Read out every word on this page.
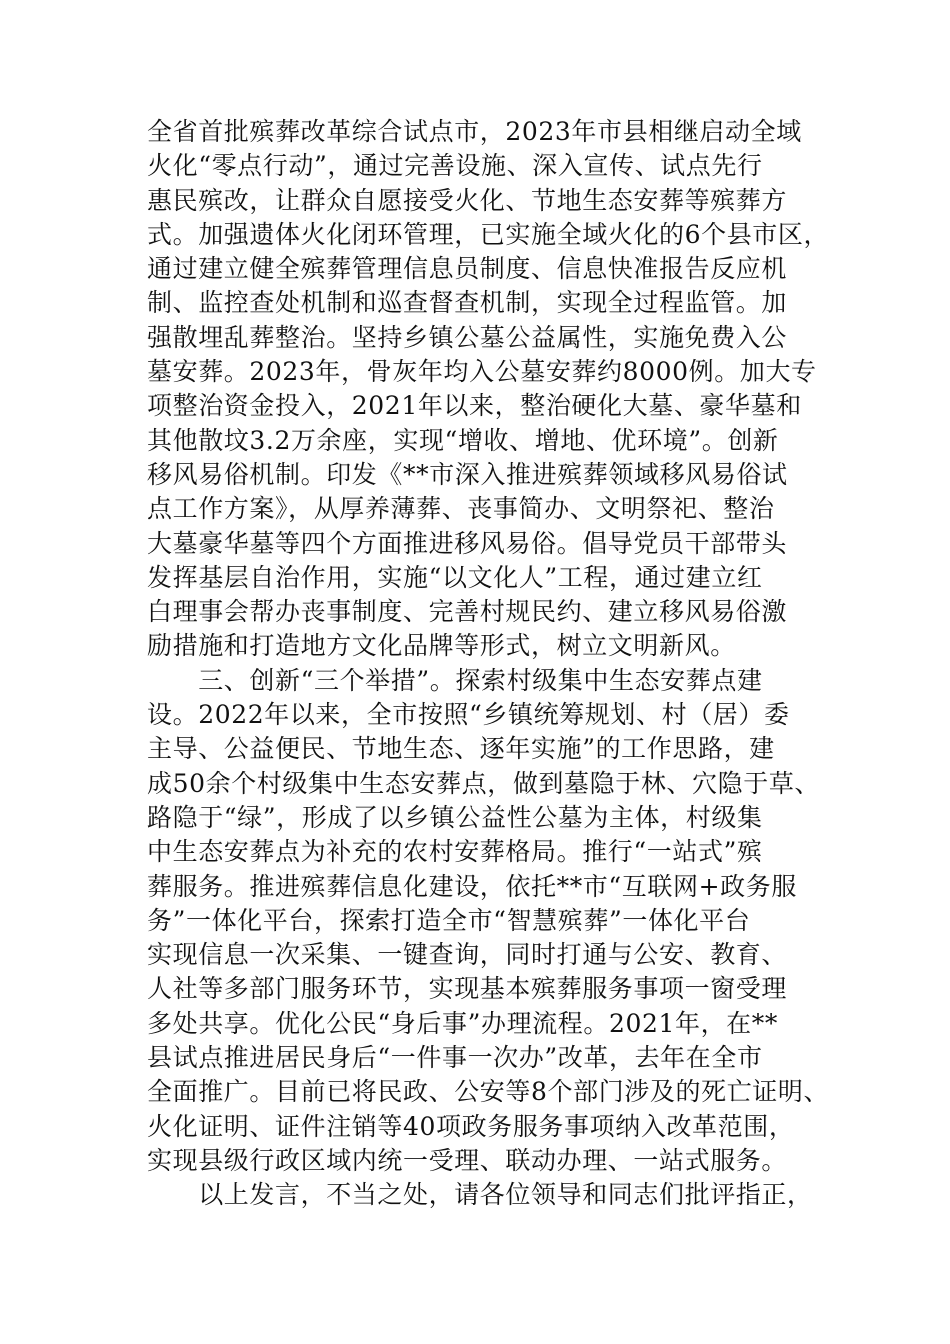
全省首批殡葬改革综合试点市，2023年市县相继启动全域
火化“零点行动”，通过完善设施、深入宣传、试点先行
惠民殡改，让群众自愿接受火化、节地生态安葬等殡葬方
式。加强遗体火化闭环管理，已实施全域火化的6个县市区，
通过建立健全殡葬管理信息员制度、信息快准报告反应机
制、监控查处机制和巡查督查机制，实现全过程监管。加
强散埋乱葬整治。坚持乡镇公墓公益属性，实施免费入公
墓安葬。2023年，骨灰年均入公墓安葬约8000例。加大专
项整治资金投入，2021年以来，整治硬化大墓、豪华墓和
其他散坟3.2万余座，实现“增收、增地、优环境”。创新
移风易俗机制。印发《**市深入推进殡葬领域移风易俗试
点工作方案》，从厚养薄葬、丧事简办、文明祭祀、整治
大墓豪华墓等四个方面推进移风易俗。倡导党员干部带头
发挥基层自治作用，实施“以文化人”工程，通过建立红
白理事会帮办丧事制度、完善村规民约、建立移风易俗激
励措施和打造地方文化品牌等形式，树立文明新风。
　　三、创新“三个举措”。探索村级集中生态安葬点建
设。2022年以来，全市按照“乡镇统筹规划、村（居）委
主导、公益便民、节地生态、逐年实施”的工作思路，建
成50余个村级集中生态安葬点，做到墓隐于林、穴隐于草、
路隐于“绿”，形成了以乡镇公益性公墓为主体，村级集
中生态安葬点为补充的农村安葬格局。推行“一站式”殡
葬服务。推进殡葬信息化建设，依托**市“互联网+政务服
务”一体化平台，探索打造全市“智慧殡葬”一体化平台
实现信息一次采集、一键查询，同时打通与公安、教育、
人社等多部门服务环节，实现基本殡葬服务事项一窗受理
多处共享。优化公民“身后事”办理流程。2021年，在**
县试点推进居民身后“一件事一次办”改革，去年在全市
全面推广。目前已将民政、公安等8个部门涉及的死亡证明、
火化证明、证件注销等40项政务服务事项纳入改革范围，
实现县级行政区域内统一受理、联动办理、一站式服务。
　　以上发言，不当之处，请各位领导和同志们批评指正，
